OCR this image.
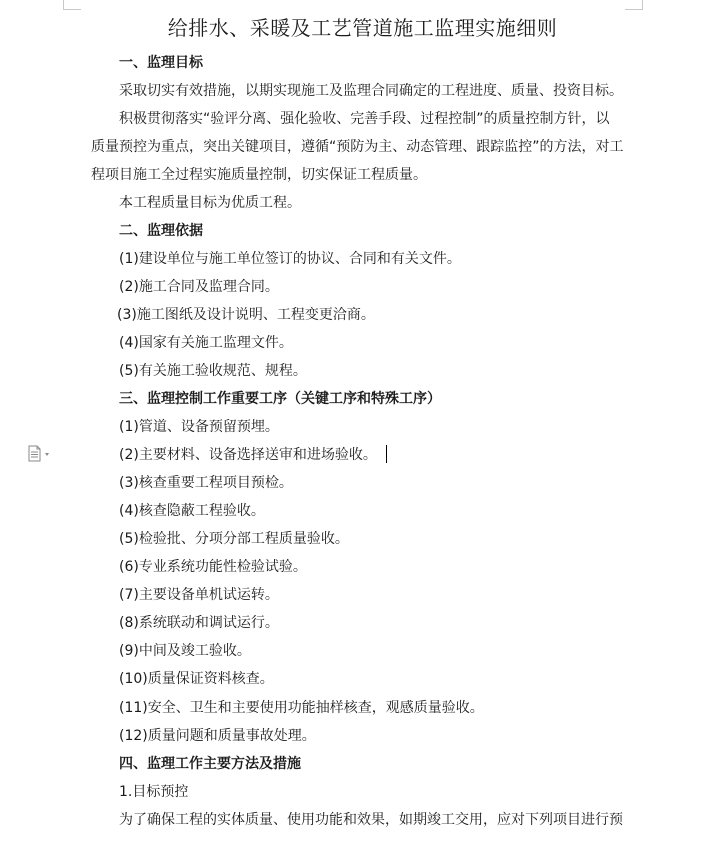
给排水、采暖及工艺管道施工监理实施细则
一、监理目标
采取切实有效措施，以期实现施工及监理合同确定的工程进度、质量、投资目标。
积极贯彻落实“验评分离、强化验收、完善手段、过程控制”的质量控制方针，以
质量预控为重点，突出关键项目，遵循“预防为主、动态管理、跟踪监控”的方法，对工
程项目施工全过程实施质量控制，切实保证工程质量。
本工程质量目标为优质工程。
二、监理依据
(1)建设单位与施工单位签订的协议、合同和有关文件。
(2)施工合同及监理合同。
(3)施工图纸及设计说明、工程变更洽商。
(4)国家有关施工监理文件。
(5)有关施工验收规范、规程。
三、监理控制工作重要工序（关键工序和特殊工序）
(1)管道、设备预留预埋。
(2)主要材料、设备选择送审和进场验收。
(3)核查重要工程项目预检。
(4)核查隐蔽工程验收。
(5)检验批、分项分部工程质量验收。
(6)专业系统功能性检验试验。
(7)主要设备单机试运转。
(8)系统联动和调试运行。
(9)中间及竣工验收。
(10)质量保证资料核查。
(11)安全、卫生和主要使用功能抽样核查，观感质量验收。
(12)质量问题和质量事故处理。
四、监理工作主要方法及措施
1.目标预控
为了确保工程的实体质量、使用功能和效果，如期竣工交用，应对下列项目进行预
